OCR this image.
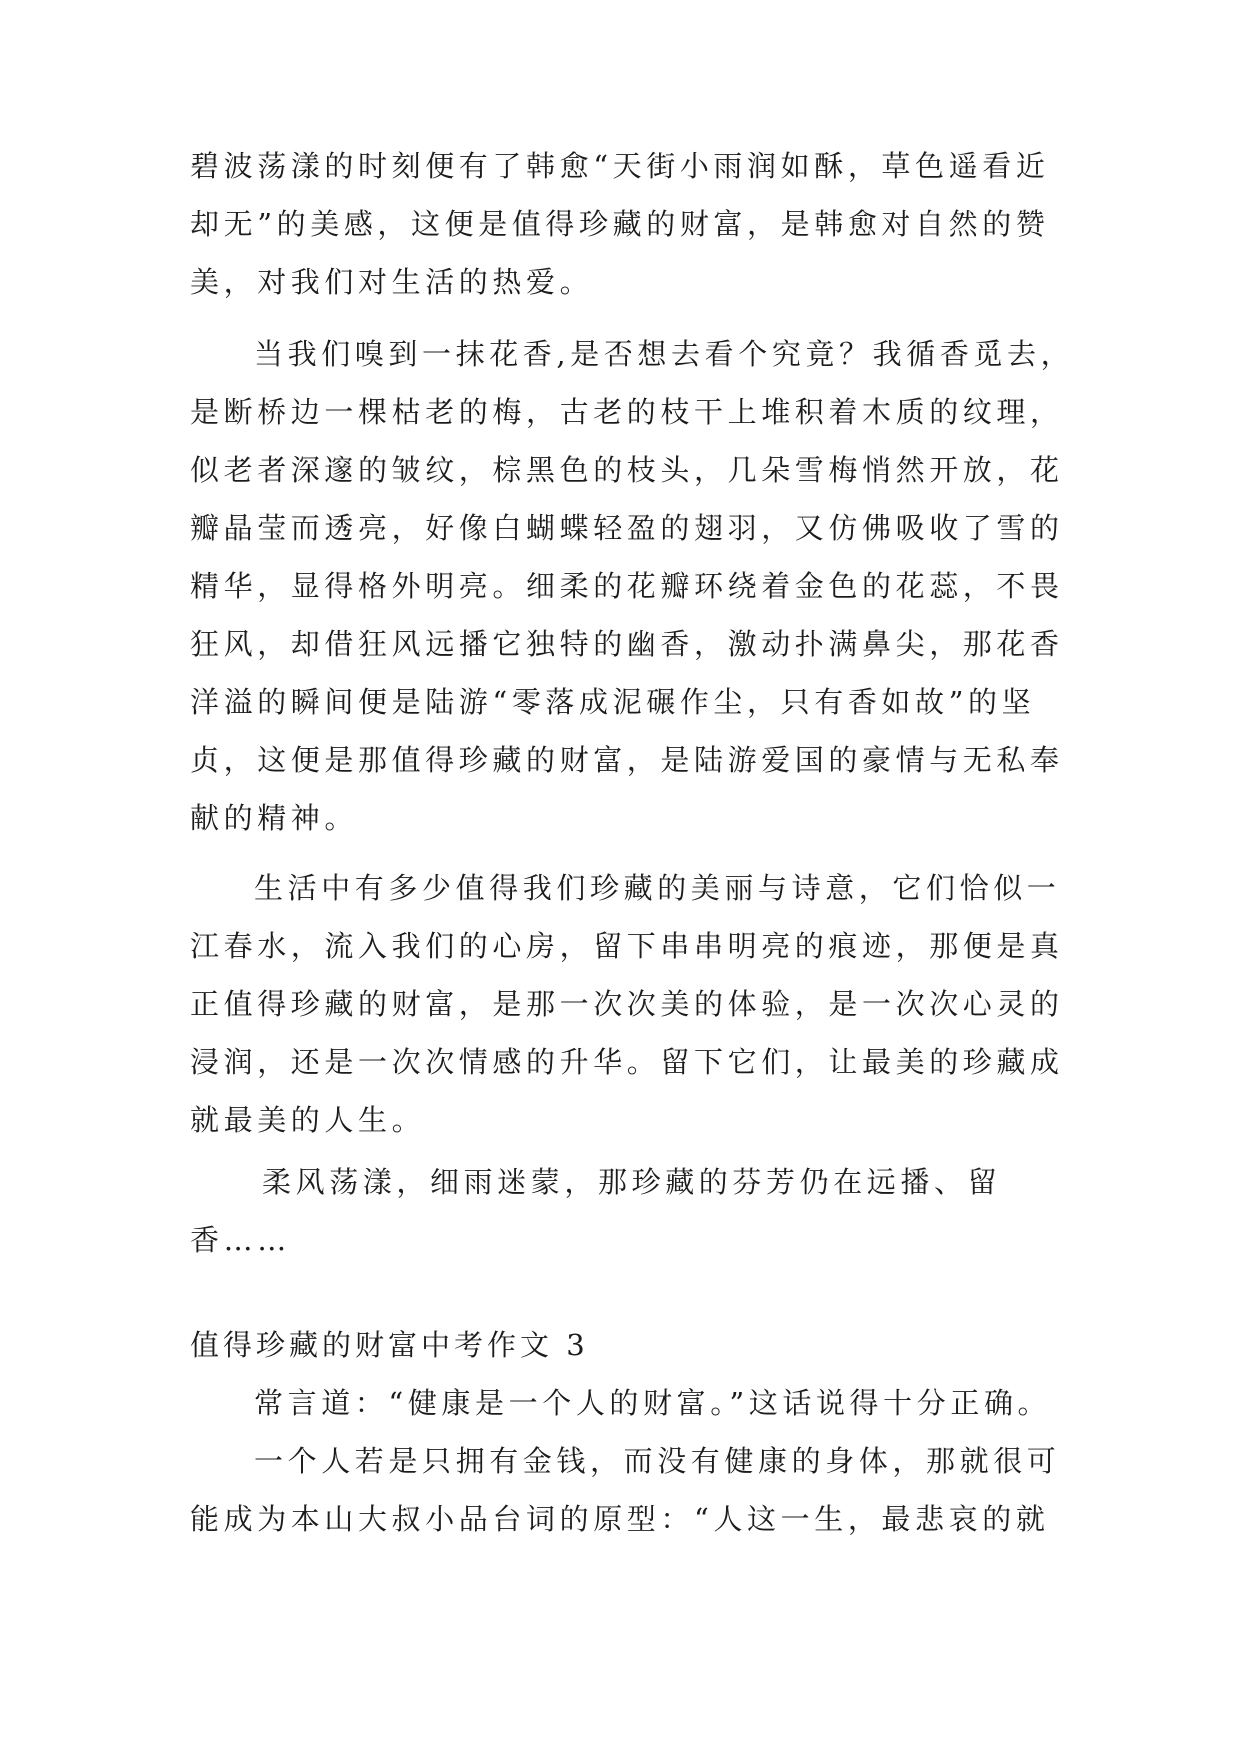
碧波荡漾的时刻便有了韩愈“天街小雨润如酥，草色遥看近
却无”的美感，这便是值得珍藏的财富，是韩愈对自然的赞
美，对我们对生活的热爱。
当我们嗅到一抹花香,是否想去看个究竟？我循香觅去，
是断桥边一棵枯老的梅，古老的枝干上堆积着木质的纹理，
似老者深邃的皱纹，棕黑色的枝头，几朵雪梅悄然开放，花
瓣晶莹而透亮，好像白蝴蝶轻盈的翅羽，又仿佛吸收了雪的
精华，显得格外明亮。细柔的花瓣环绕着金色的花蕊，不畏
狂风，却借狂风远播它独特的幽香，激动扑满鼻尖，那花香
洋溢的瞬间便是陆游“零落成泥碾作尘，只有香如故”的坚
贞，这便是那值得珍藏的财富，是陆游爱国的豪情与无私奉
献的精神。
生活中有多少值得我们珍藏的美丽与诗意，它们恰似一
江春水，流入我们的心房，留下串串明亮的痕迹，那便是真
正值得珍藏的财富，是那一次次美的体验，是一次次心灵的
浸润，还是一次次情感的升华。留下它们，让最美的珍藏成
就最美的人生。
柔风荡漾，细雨迷蒙，那珍藏的芬芳仍在远播、留
香……
值得珍藏的财富中考作文 3
常言道：“健康是一个人的财富。”这话说得十分正确。
一个人若是只拥有金钱，而没有健康的身体，那就很可
能成为本山大叔小品台词的原型：“人这一生，最悲哀的就
